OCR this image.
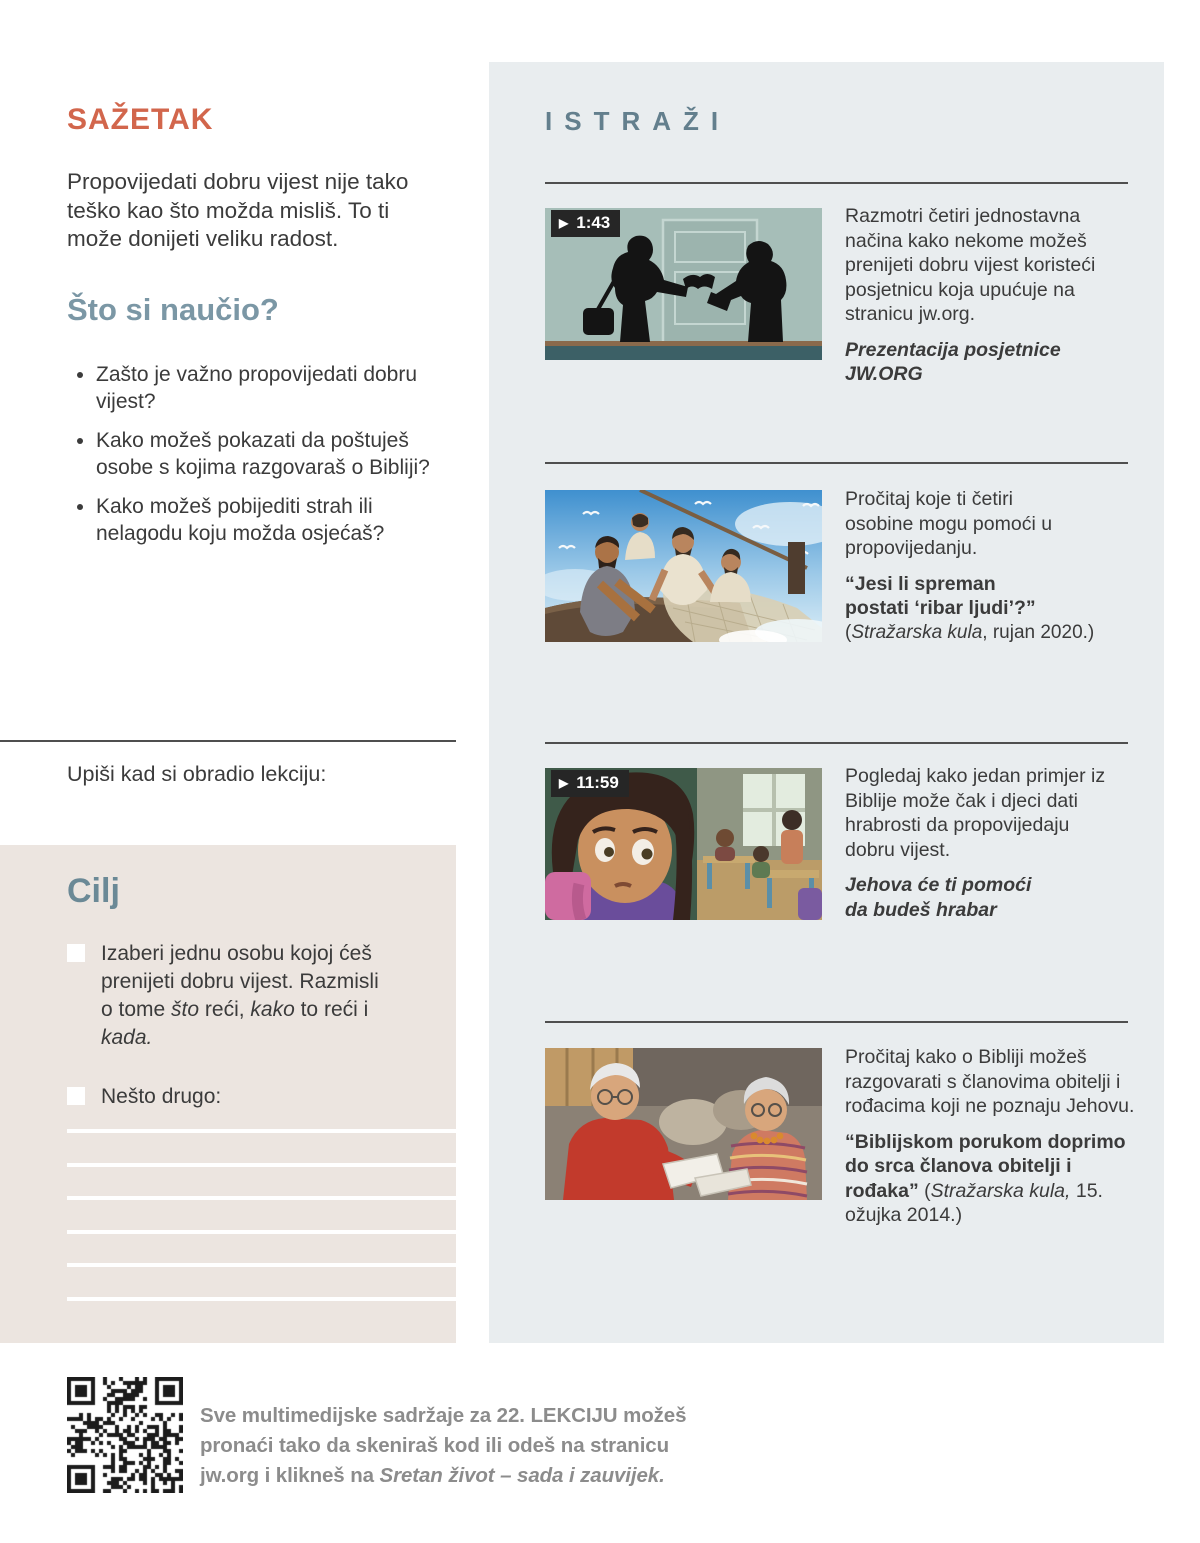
SAŽETAK
Propovijedati dobru vijest nije tako teško kao što možda misliš. To ti može donijeti veliku radost.
Što si naučio?
• Zašto je važno propovijedati dobru vijest?
• Kako možeš pokazati da poštuješ osobe s kojima razgovaraš o Bibliji?
• Kako možeš pobijediti strah ili nelagodu koju možda osjećaš?
Upiši kad si obradio lekciju:
Cilj
Izaberi jednu osobu kojoj ćeš prenijeti dobru vijest. Razmisli o tome što reći, kako to reći i kada.
Nešto drugo:
ISTRAŽI
▶ 1:43	Razmotri četiri jednostavna načina kako nekome možeš prenijeti dobru vijest koristeći posjetnicu koja upućuje na stranicu jw.org.

Prezentacija posjetnice
JW.ORG

Pročitaj koje ti četiri osobine mogu pomoći u propovijedanju.

“Jesi li spreman
postati ‘ribar ljudi’?”
(Stražarska kula, rujan 2020.)
▶ 11:59	Pogledaj kako jedan primjer iz Biblije može čak i djeci dati hrabrosti da propovijedaju dobru vijest.

Jehova će ti pomoći
da budeš hrabar

Pročitaj kako o Bibliji možeš razgovarati s članovima obitelji i rođacima koji ne poznaju Jehovu.

“Biblijskom porukom doprimo do srca članova obitelji i rođaka” (Stražarska kula, 15. ožujka 2014.)

Sve multimedijske sadržaje za 22. LEKCIJU možeš pronaći tako da skeniraš kod ili odeš na stranicu jw.org i klikneš na Sretan život – sada i zauvijek.
